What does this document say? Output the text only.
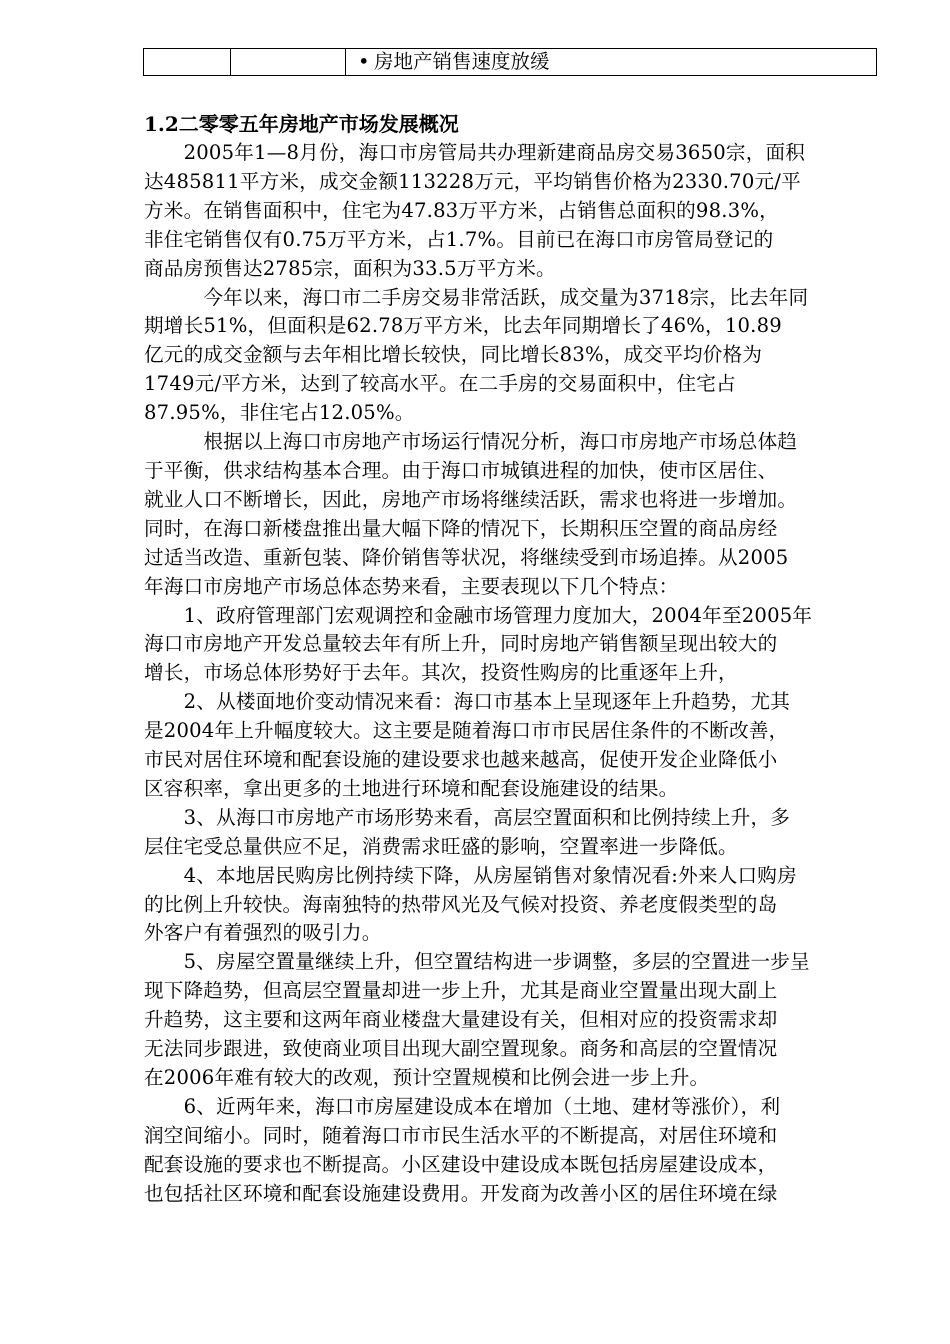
		• 房地产销售速度放缓
1.2二零零五年房地产市场发展概况

　　2005年1—8月份，海口市房管局共办理新建商品房交易3650宗，面积

达485811平方米，成交金额113228万元，平均销售价格为2330.70元/平

方米。在销售面积中，住宅为47.83万平方米，占销售总面积的98.3%，

非住宅销售仅有0.75万平方米，占1.7%。目前已在海口市房管局登记的

商品房预售达2785宗，面积为33.5万平方米。

　　　今年以来，海口市二手房交易非常活跃，成交量为3718宗，比去年同

期增长51%，但面积是62.78万平方米，比去年同期增长了46%，10.89

亿元的成交金额与去年相比增长较快，同比增长83%，成交平均价格为

1749元/平方米，达到了较高水平。在二手房的交易面积中，住宅占

87.95%，非住宅占12.05%。

　　　根据以上海口市房地产市场运行情况分析，海口市房地产市场总体趋

于平衡，供求结构基本合理。由于海口市城镇进程的加快，使市区居住、

就业人口不断增长，因此，房地产市场将继续活跃，需求也将进一步增加。

同时，在海口新楼盘推出量大幅下降的情况下，长期积压空置的商品房经

过适当改造、重新包装、降价销售等状况，将继续受到市场追捧。从2005

年海口市房地产市场总体态势来看，主要表现以下几个特点：

　　1、政府管理部门宏观调控和金融市场管理力度加大，2004年至2005年

海口市房地产开发总量较去年有所上升，同时房地产销售额呈现出较大的

增长，市场总体形势好于去年。其次，投资性购房的比重逐年上升，

　　2、从楼面地价变动情况来看：海口市基本上呈现逐年上升趋势，尤其

是2004年上升幅度较大。这主要是随着海口市市民居住条件的不断改善，

市民对居住环境和配套设施的建设要求也越来越高，促使开发企业降低小

区容积率，拿出更多的土地进行环境和配套设施建设的结果。

　　3、从海口市房地产市场形势来看，高层空置面积和比例持续上升，多

层住宅受总量供应不足，消费需求旺盛的影响，空置率进一步降低。

　　4、本地居民购房比例持续下降，从房屋销售对象情况看:外来人口购房

的比例上升较快。海南独特的热带风光及气候对投资、养老度假类型的岛

外客户有着强烈的吸引力。

　　5、房屋空置量继续上升，但空置结构进一步调整，多层的空置进一步呈

现下降趋势，但高层空置量却进一步上升，尤其是商业空置量出现大副上

升趋势，这主要和这两年商业楼盘大量建设有关，但相对应的投资需求却

无法同步跟进，致使商业项目出现大副空置现象。商务和高层的空置情况

在2006年难有较大的改观，预计空置规模和比例会进一步上升。

　　6、近两年来，海口市房屋建设成本在增加（土地、建材等涨价），利

润空间缩小。同时，随着海口市市民生活水平的不断提高，对居住环境和

配套设施的要求也不断提高。小区建设中建设成本既包括房屋建设成本，

也包括社区环境和配套设施建设费用。开发商为改善小区的居住环境在绿
